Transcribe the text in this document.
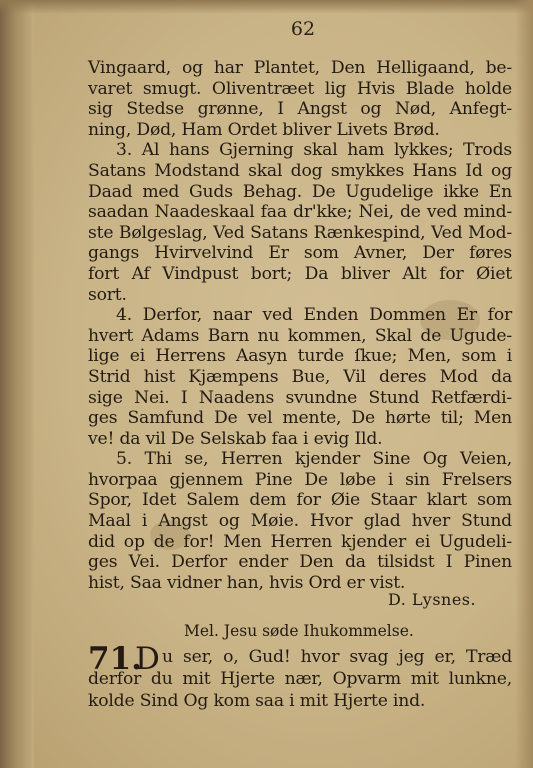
62
Vingaard, og har Plantet, Den Helligaand, be-
varet smugt. Oliventræet lig Hvis Blade holde
sig Stedse grønne, I Angst og Nød, Anfegt-
ning, Død, Ham Ordet bliver Livets Brød.
3. Al hans Gjerning skal ham lykkes; Trods
Satans Modstand skal dog smykkes Hans Id og
Daad med Guds Behag. De Ugudelige ikke En
saadan Naadeskaal faa dr'kke; Nei, de ved mind-
ste Bølgeslag, Ved Satans Rænkespind, Ved Mod-
gangs Hvirvelvind Er som Avner, Der føres
fort Af Vindpust bort; Da bliver Alt for Øiet
sort.
4. Derfor, naar ved Enden Dommen Er for
hvert Adams Barn nu kommen, Skal de Ugude-
lige ei Herrens Aasyn turde ſkue; Men, som i
Strid hist Kjæmpens Bue, Vil deres Mod da
sige Nei. I Naadens svundne Stund Retfærdi-
ges Samfund De vel mente, De hørte til; Men
ve! da vil De Selskab faa i evig Ild.
5. Thi se, Herren kjender Sine Og Veien,
hvorpaa gjennem Pine De løbe i sin Frelsers
Spor, Idet Salem dem for Øie Staar klart som
Maal i Angst og Møie. Hvor glad hver Stund
did op de for! Men Herren kjender ei Ugudeli-
ges Vei. Derfor ender Den da tilsidst I Pinen
hist, Saa vidner han, hvis Ord er vist.
D. Lysnes.
Mel. Jesu søde Ihukommelse.
71.
D u ser, o, Gud! hvor svag jeg er, Træd
derfor du mit Hjerte nær, Opvarm mit lunkne,
kolde Sind Og kom saa i mit Hjerte ind.
